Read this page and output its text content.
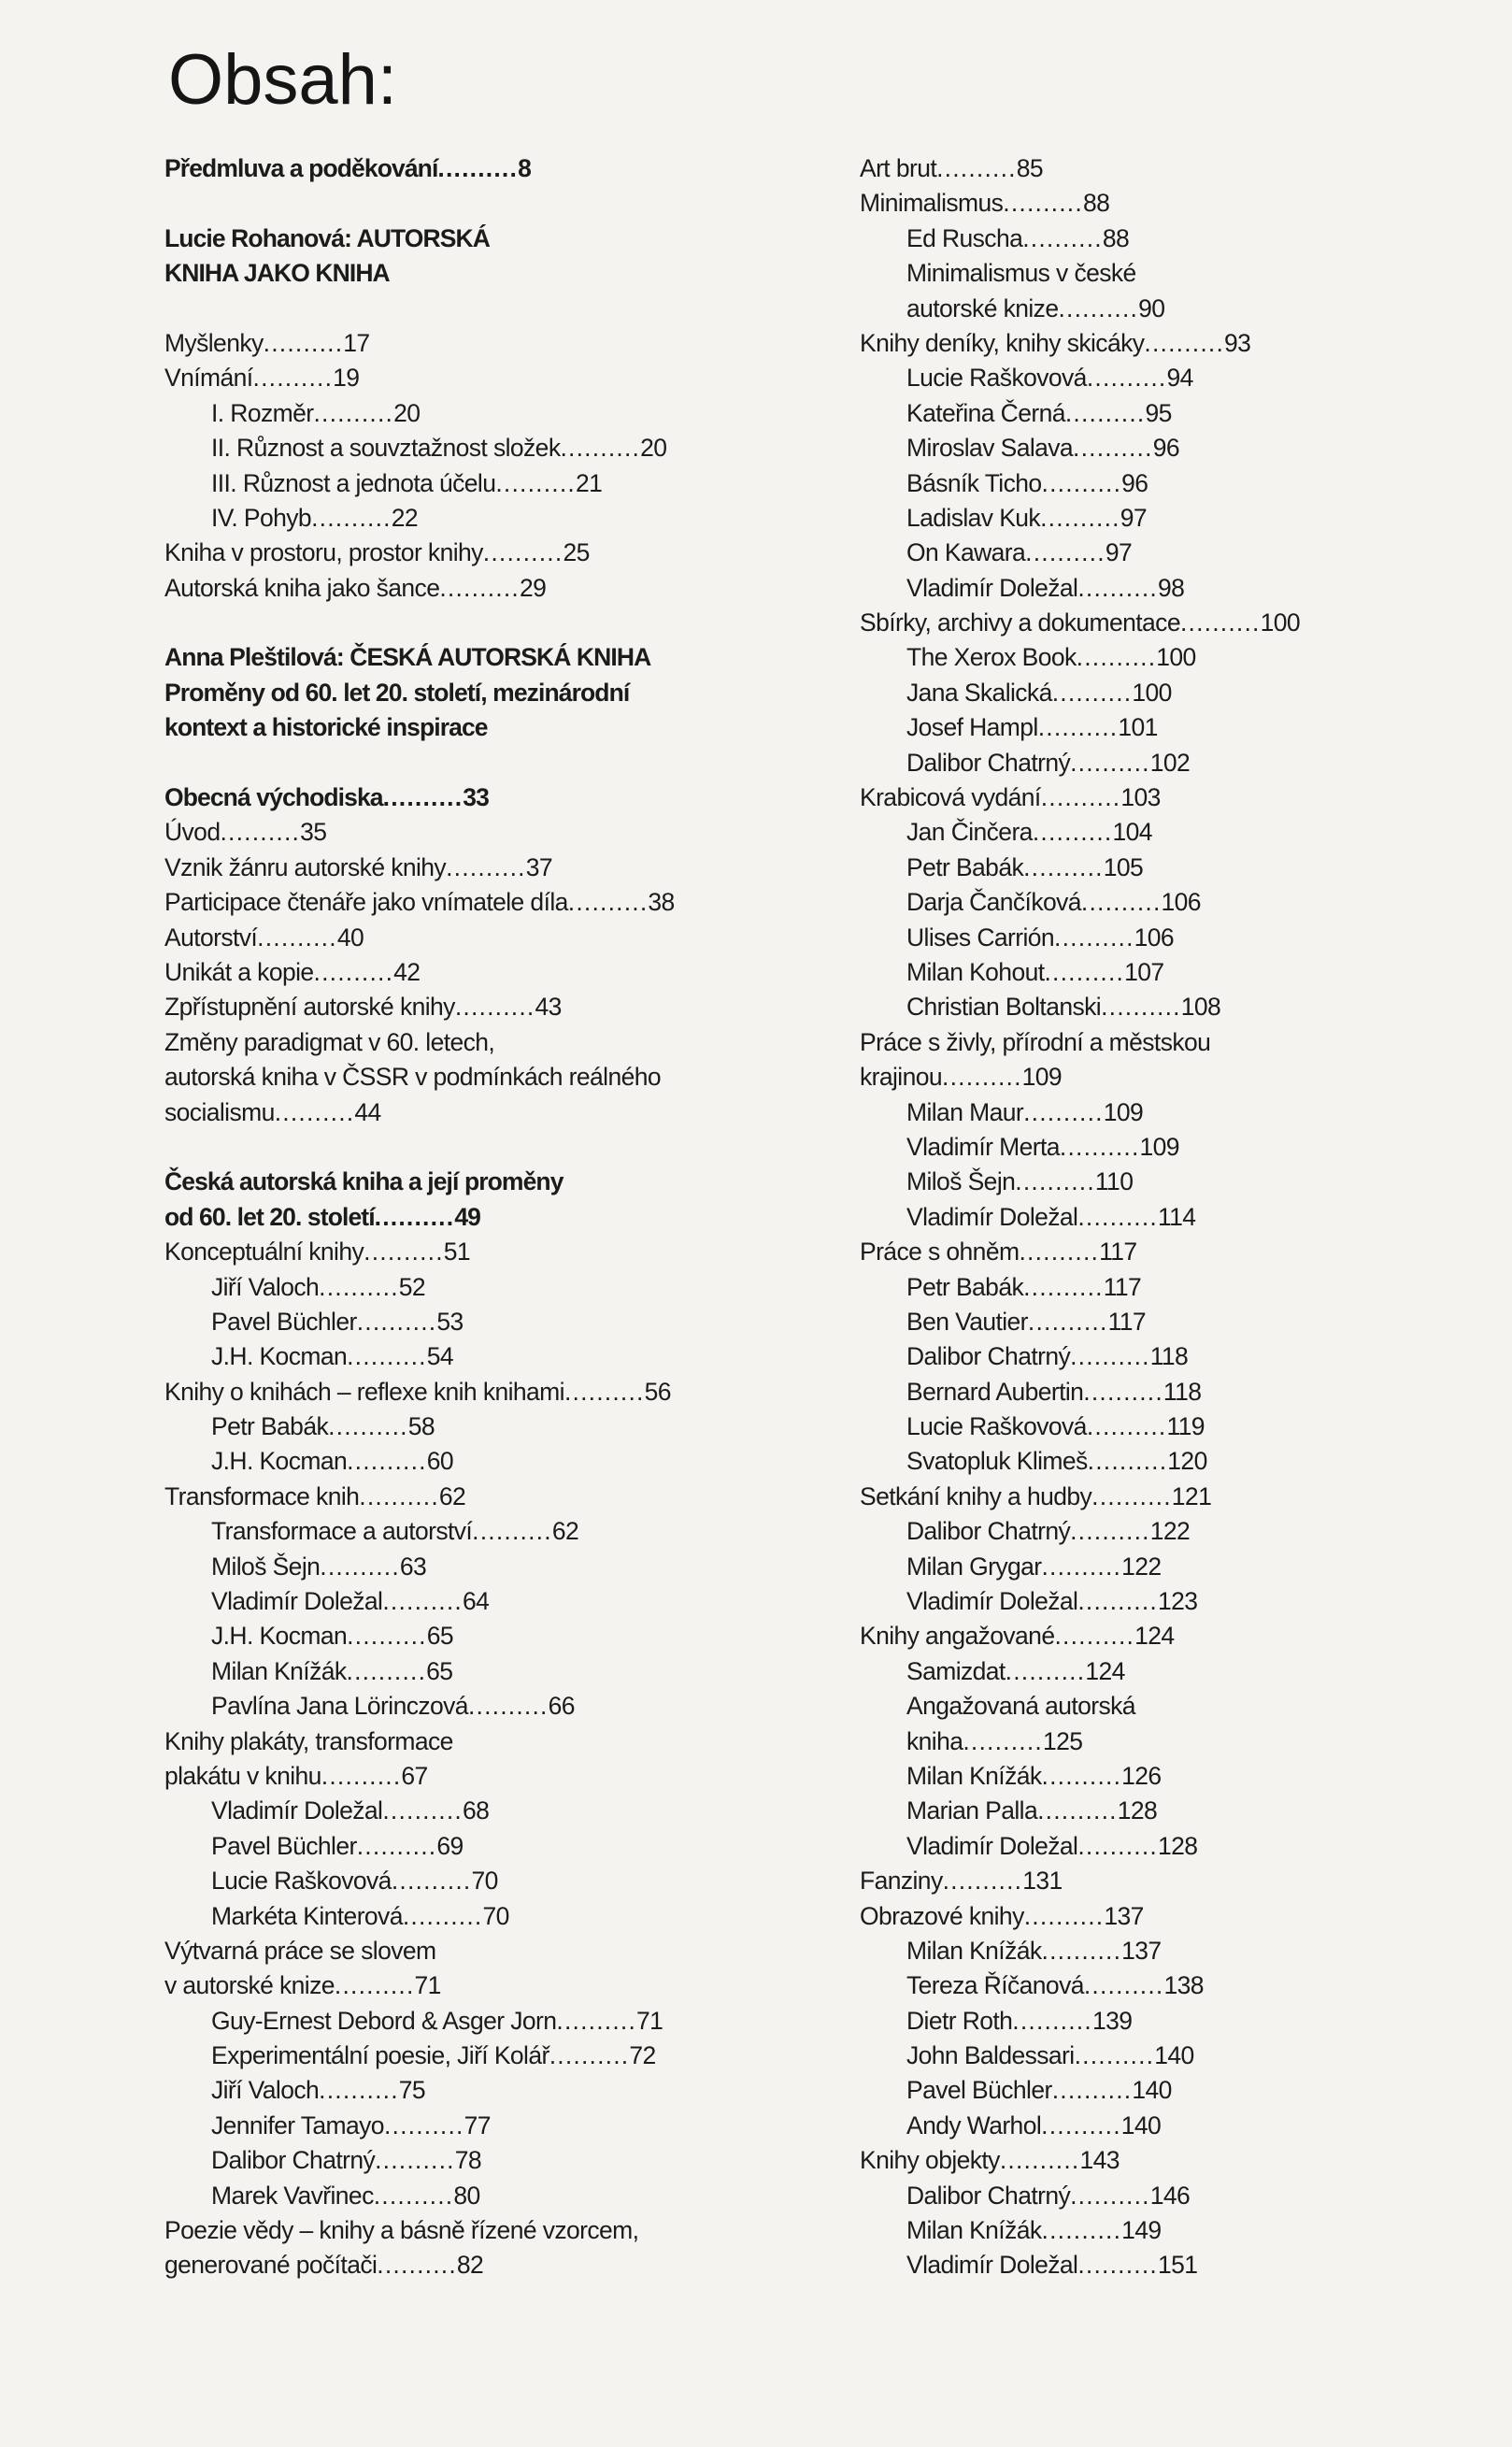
Obsah:
Předmluva a poděkování..........8
Lucie Rohanová: AUTORSKÁ
KNIHA JAKO KNIHA
Myšlenky..........17
Vnímání..........19
I. Rozměr..........20
II. Různost a souvztažnost složek..........20
III. Různost a jednota účelu..........21
IV. Pohyb..........22
Kniha v prostoru, prostor knihy..........25
Autorská kniha jako šance..........29
Anna Pleštilová: ČESKÁ AUTORSKÁ KNIHA
Proměny od 60. let 20. století, mezinárodní
kontext a historické inspirace
Obecná východiska..........33
Úvod..........35
Vznik žánru autorské knihy..........37
Participace čtenáře jako vnímatele díla..........38
Autorství..........40
Unikát a kopie..........42
Zpřístupnění autorské knihy..........43
Změny paradigmat v 60. letech,
autorská kniha v ČSSR v podmínkách reálného
socialismu..........44
Česká autorská kniha a její proměny
od 60. let 20. století..........49
Konceptuální knihy..........51
Jiří Valoch..........52
Pavel Büchler..........53
J.H. Kocman..........54
Knihy o knihách – reflexe knih knihami..........56
Petr Babák..........58
J.H. Kocman..........60
Transformace knih..........62
Transformace a autorství..........62
Miloš Šejn..........63
Vladimír Doležal..........64
J.H. Kocman..........65
Milan Knížák..........65
Pavlína Jana Lörinczová..........66
Knihy plakáty, transformace
plakátu v knihu..........67
Vladimír Doležal..........68
Pavel Büchler..........69
Lucie Raškovová..........70
Markéta Kinterová..........70
Výtvarná práce se slovem
v autorské knize..........71
Guy-Ernest Debord & Asger Jorn..........71
Experimentální poesie, Jiří Kolář..........72
Jiří Valoch..........75
Jennifer Tamayo..........77
Dalibor Chatrný..........78
Marek Vavřinec..........80
Poezie vědy – knihy a básně řízené vzorcem,
generované počítači..........82
Art brut..........85
Minimalismus..........88
Ed Ruscha..........88
Minimalismus v české
autorské knize..........90
Knihy deníky, knihy skicáky..........93
Lucie Raškovová..........94
Kateřina Černá..........95
Miroslav Salava..........96
Básník Ticho..........96
Ladislav Kuk..........97
On Kawara..........97
Vladimír Doležal..........98
Sbírky, archivy a dokumentace..........100
The Xerox Book..........100
Jana Skalická..........100
Josef Hampl..........101
Dalibor Chatrný..........102
Krabicová vydání..........103
Jan Činčera..........104
Petr Babák..........105
Darja Čančíková..........106
Ulises Carrión..........106
Milan Kohout..........107
Christian Boltanski..........108
Práce s živly, přírodní a městskou
krajinou..........109
Milan Maur..........109
Vladimír Merta..........109
Miloš Šejn..........110
Vladimír Doležal..........114
Práce s ohněm..........117
Petr Babák..........117
Ben Vautier..........117
Dalibor Chatrný..........118
Bernard Aubertin..........118
Lucie Raškovová..........119
Svatopluk Klimeš..........120
Setkání knihy a hudby..........121
Dalibor Chatrný..........122
Milan Grygar..........122
Vladimír Doležal..........123
Knihy angažované..........124
Samizdat..........124
Angažovaná autorská
kniha..........125
Milan Knížák..........126
Marian Palla..........128
Vladimír Doležal..........128
Fanziny..........131
Obrazové knihy..........137
Milan Knížák..........137
Tereza Říčanová..........138
Dietr Roth..........139
John Baldessari..........140
Pavel Büchler..........140
Andy Warhol..........140
Knihy objekty..........143
Dalibor Chatrný..........146
Milan Knížák..........149
Vladimír Doležal..........151
